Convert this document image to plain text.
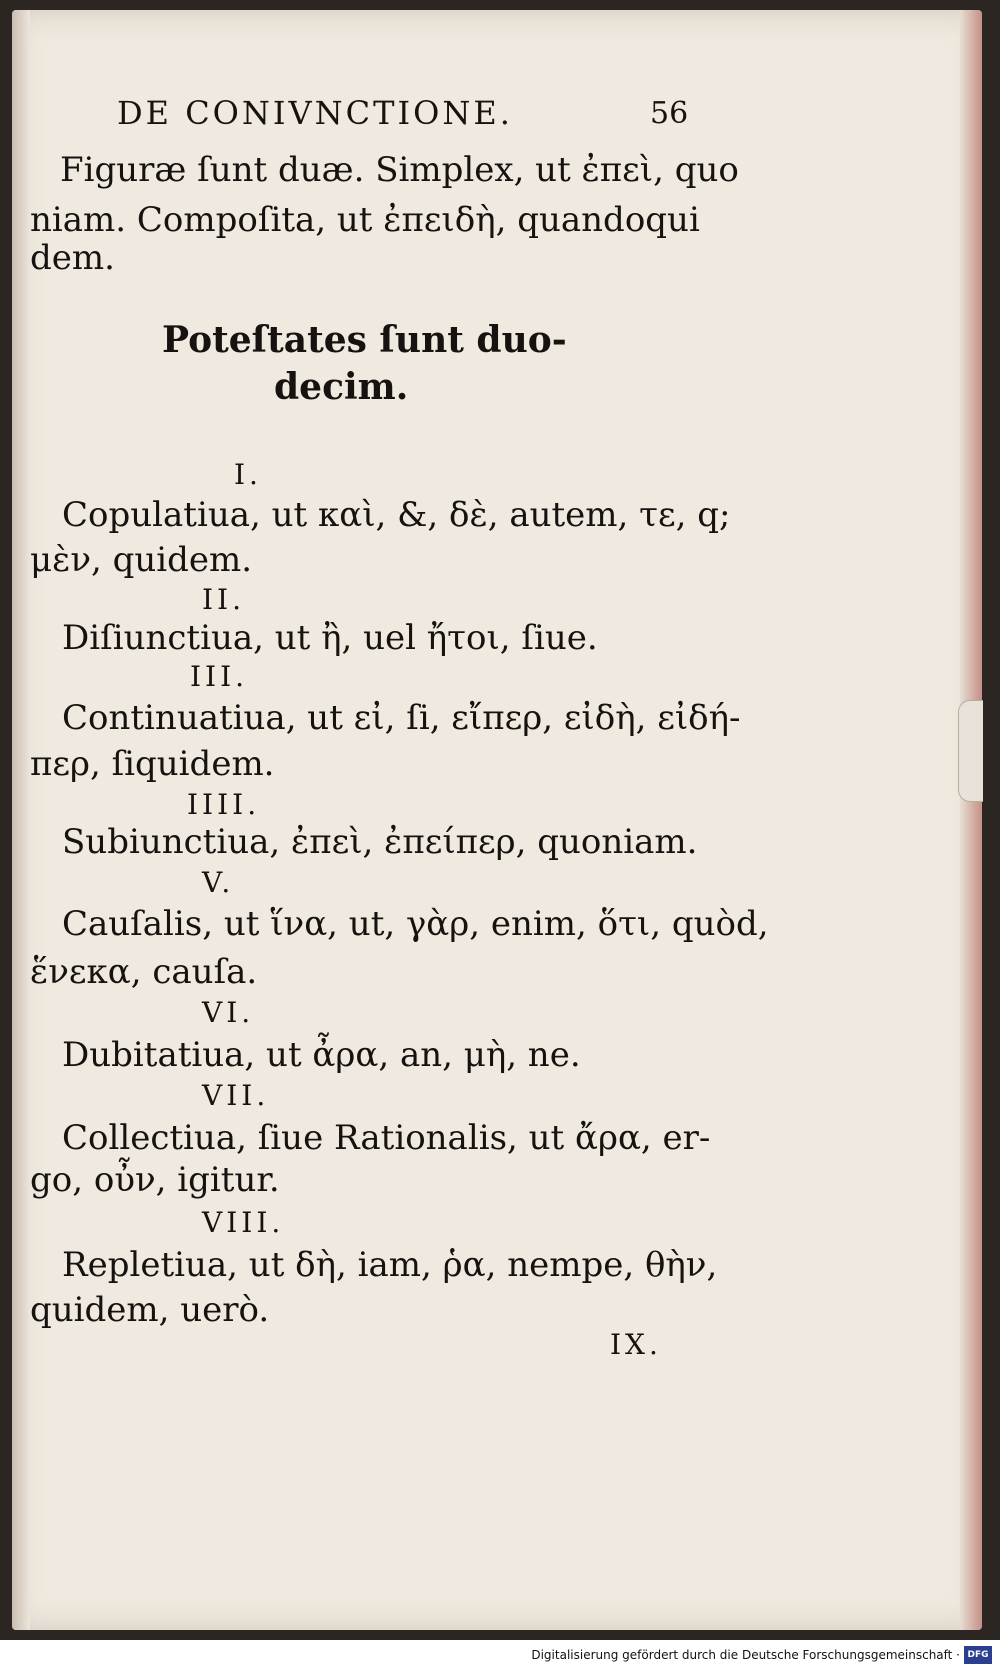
DE CONIVNCTIONE.	56
Figuræ ſunt duæ. Simplex, ut ἐπεὶ, quo
niam. Compoſita, ut ἐπειδὴ, quandoqui
dem.
Poteſtates ſunt duo-
decim.
I.
Copulatiua, ut καὶ, &, δὲ, autem, τε, q;
μὲν, quidem.
II.
Diſiunctiua, ut ἢ, uel ἤτοι, ſiue.
III.
Continuatiua, ut εἰ, ſi, εἴπερ, εἰδὴ, εἰδή-
περ, ſiquidem.
IIII.
Subiunctiua, ἐπεὶ, ἐπείπερ, quoniam.
V.
Cauſalis, ut ἵνα, ut, γὰρ, enim, ὅτι, quòd,
ἕνεκα, cauſa.
VI.
Dubitatiua, ut ἆρα, an, μὴ, ne.
VII.
Collectiua, ſiue Rationalis, ut ἄρα, er-
go, οὖν, igitur.
VIII.
Repletiua, ut δὴ, iam, ῥα, nempe, θὴν,
quidem, uerò.
IX.
Digitalisierung gefördert durch die Deutsche Forschungsgemeinschaft · DFG
